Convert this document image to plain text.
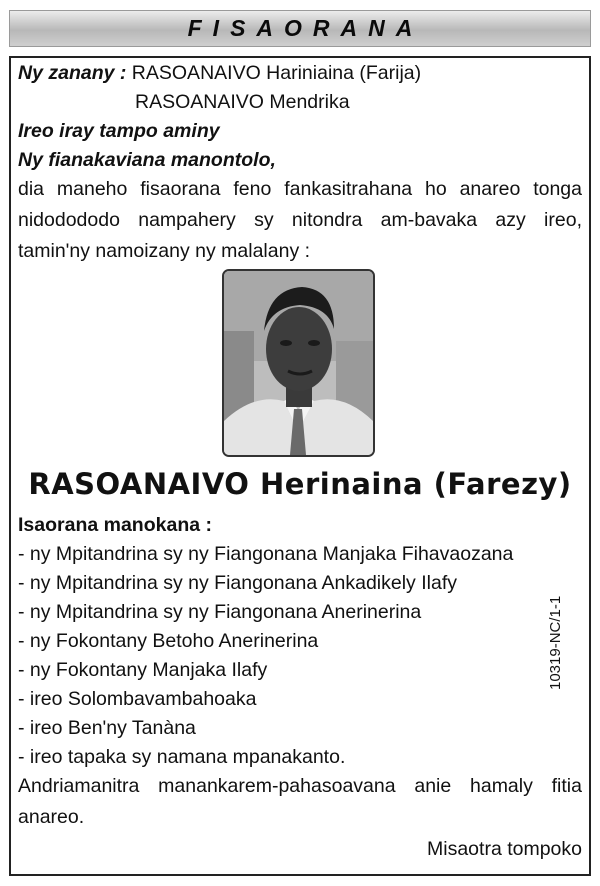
FISAORANA
Ny zanany : RASOANAIVO Hariniaina (Farija)
RASOANAIVO Mendrika
Ireo iray tampo aminy
Ny fianakaviana manontolo,
dia maneho fisaorana feno fankasitrahana ho anareo tonga nidodododo nampahery sy nitondra am-bavaka azy ireo, tamin'ny namoizany ny malalany :
RASOANAIVO Herinaina (Farezy)
Isaorana manokana :
- ny Mpitandrina sy ny Fiangonana Manjaka Fihavaozana
- ny Mpitandrina sy ny Fiangonana Ankadikely Ilafy
- ny Mpitandrina sy ny Fiangonana Anerinerina
- ny Fokontany Betoho Anerinerina
- ny Fokontany Manjaka Ilafy
- ireo Solombavambahoaka
- ireo Ben'ny Tanàna
- ireo tapaka sy namana mpanakanto.
Andriamanitra manankarem-pahasoavana anie hamaly fitia anareo.
Misaotra tompoko
10319-NC/1-1
